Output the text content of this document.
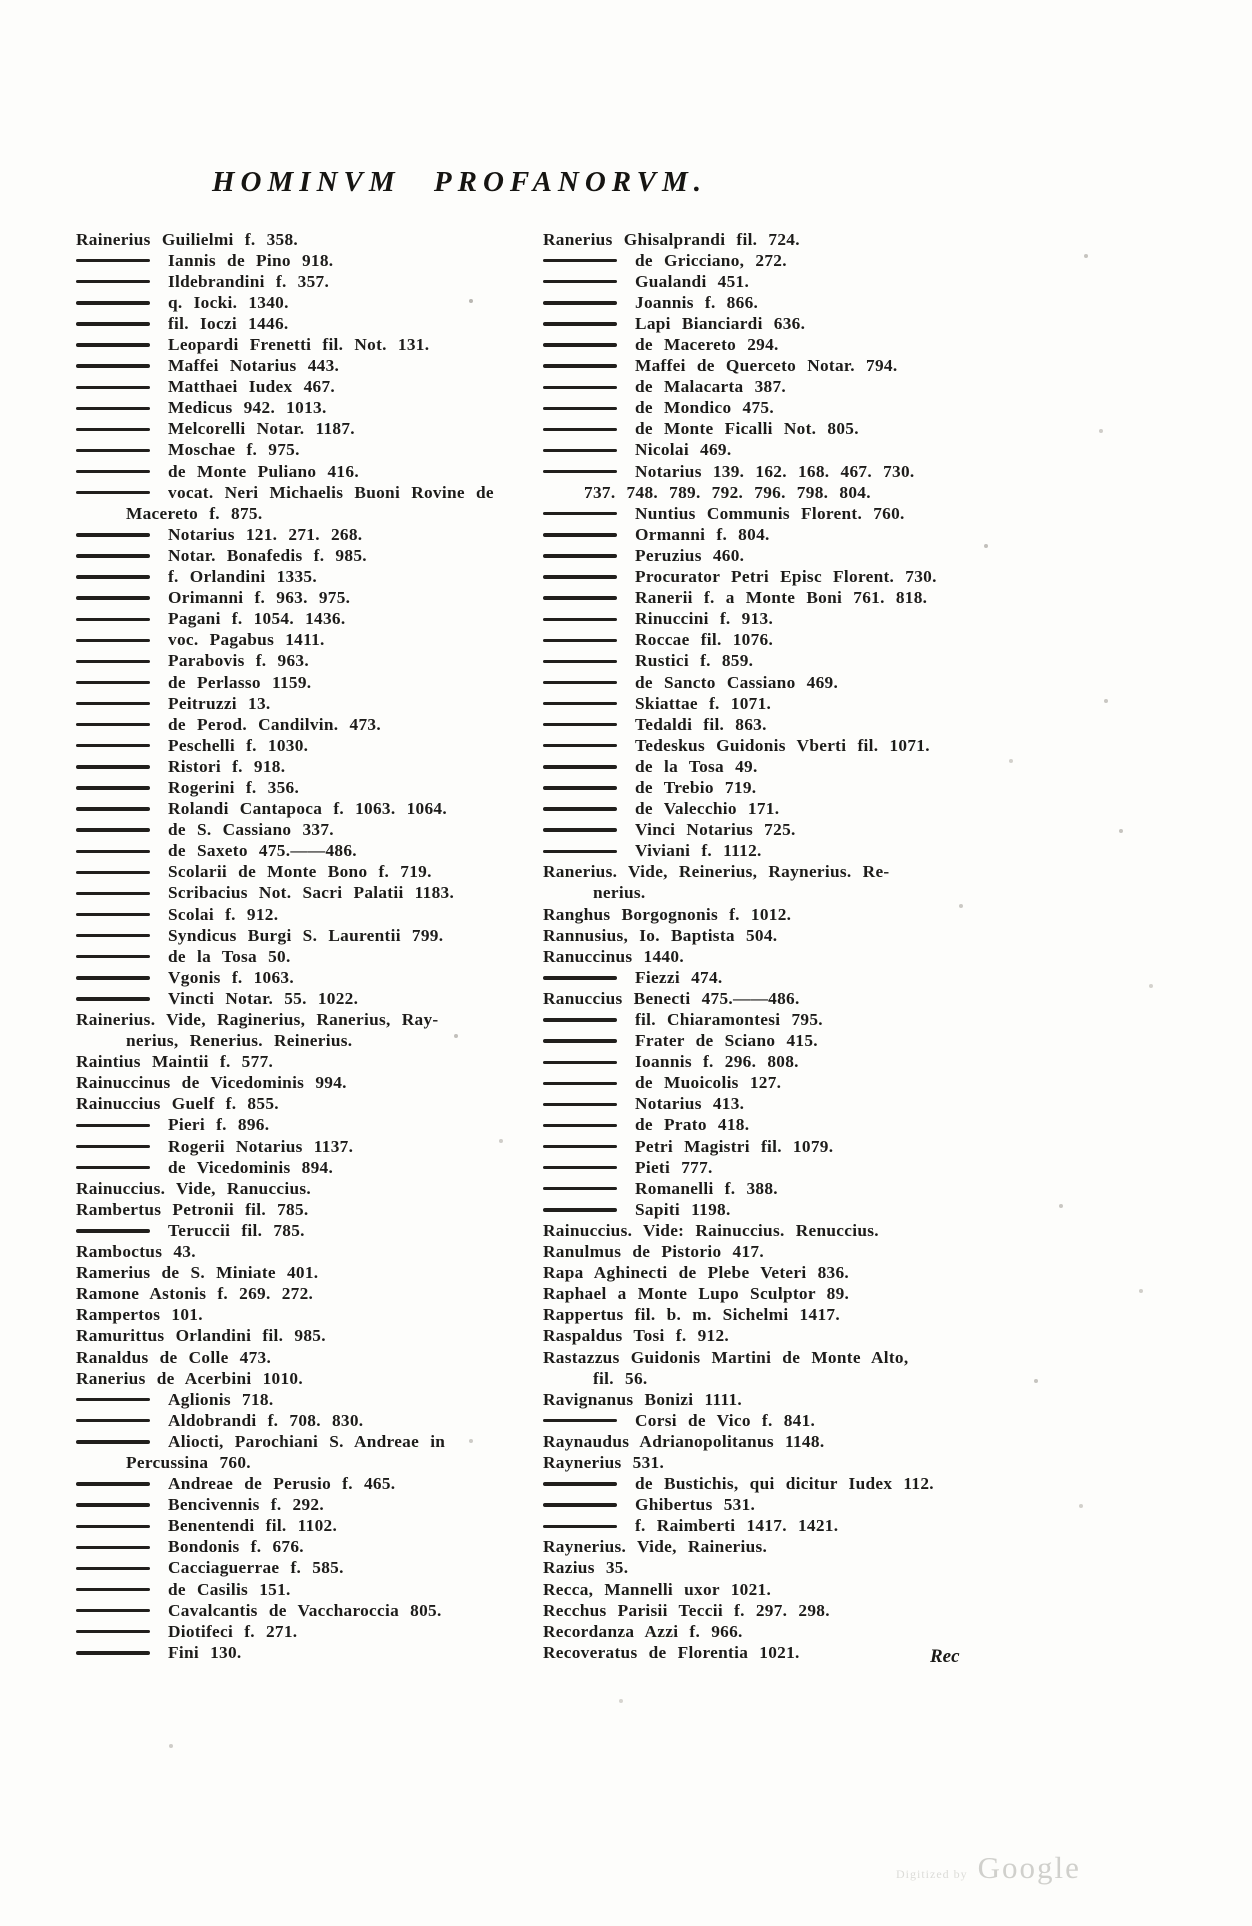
HOMINVM PROFANORVM.
Rainerius Guilielmi f. 358.
Iannis de Pino 918.
Ildebrandini f. 357.
q. Iocki. 1340.
fil. Ioczi 1446.
Leopardi Frenetti fil. Not. 131.
Maffei Notarius 443.
Matthaei Iudex 467.
Medicus 942. 1013.
Melcorelli Notar. 1187.
Moschae f. 975.
de Monte Puliano 416.
vocat. Neri Michaelis Buoni Rovine de
Macereto f. 875.
Notarius 121. 271. 268.
Notar. Bonafedis f. 985.
f. Orlandini 1335.
Orimanni f. 963. 975.
Pagani f. 1054. 1436.
voc. Pagabus 1411.
Parabovis f. 963.
de Perlasso 1159.
Peitruzzi 13.
de Perod. Candilvin. 473.
Peschelli f. 1030.
Ristori f. 918.
Rogerini f. 356.
Rolandi Cantapoca f. 1063. 1064.
de S. Cassiano 337.
de Saxeto 475.——486.
Scolarii de Monte Bono f. 719.
Scribacius Not. Sacri Palatii 1183.
Scolai f. 912.
Syndicus Burgi S. Laurentii 799.
de la Tosa 50.
Vgonis f. 1063.
Vincti Notar. 55. 1022.
Rainerius. Vide, Raginerius, Ranerius, Ray-
nerius, Renerius. Reinerius.
Raintius Maintii f. 577.
Rainuccinus de Vicedominis 994.
Rainuccius Guelf f. 855.
Pieri f. 896.
Rogerii Notarius 1137.
de Vicedominis 894.
Rainuccius. Vide, Ranuccius.
Rambertus Petronii fil. 785.
Teruccii fil. 785.
Ramboctus 43.
Ramerius de S. Miniate 401.
Ramone Astonis f. 269. 272.
Rampertos 101.
Ramurittus Orlandini fil. 985.
Ranaldus de Colle 473.
Ranerius de Acerbini 1010.
Aglionis 718.
Aldobrandi f. 708. 830.
Aliocti, Parochiani S. Andreae in
Percussina 760.
Andreae de Perusio f. 465.
Bencivennis f. 292.
Benentendi fil. 1102.
Bondonis f. 676.
Cacciaguerrae f. 585.
de Casilis 151.
Cavalcantis de Vaccharoccia 805.
Diotifeci f. 271.
Fini 130.
Ranerius Ghisalprandi fil. 724.
de Gricciano, 272.
Gualandi 451.
Joannis f. 866.
Lapi Bianciardi 636.
de Macereto 294.
Maffei de Querceto Notar. 794.
de Malacarta 387.
de Mondico 475.
de Monte Ficalli Not. 805.
Nicolai 469.
Notarius 139. 162. 168. 467. 730.
737. 748. 789. 792. 796. 798. 804.
Nuntius Communis Florent. 760.
Ormanni f. 804.
Peruzius 460.
Procurator Petri Episc Florent. 730.
Ranerii f. a Monte Boni 761. 818.
Rinuccini f. 913.
Roccae fil. 1076.
Rustici f. 859.
de Sancto Cassiano 469.
Skiattae f. 1071.
Tedaldi fil. 863.
Tedeskus Guidonis Vberti fil. 1071.
de la Tosa 49.
de Trebio 719.
de Valecchio 171.
Vinci Notarius 725.
Viviani f. 1112.
Ranerius. Vide, Reinerius, Raynerius. Re-
nerius.
Ranghus Borgognonis f. 1012.
Rannusius, Io. Baptista 504.
Ranuccinus 1440.
Fiezzi 474.
Ranuccius Benecti 475.——486.
fil. Chiaramontesi 795.
Frater de Sciano 415.
Ioannis f. 296. 808.
de Muoicolis 127.
Notarius 413.
de Prato 418.
Petri Magistri fil. 1079.
Pieti 777.
Romanelli f. 388.
Sapiti 1198.
Rainuccius. Vide: Rainuccius. Renuccius.
Ranulmus de Pistorio 417.
Rapa Aghinecti de Plebe Veteri 836.
Raphael a Monte Lupo Sculptor 89.
Rappertus fil. b. m. Sichelmi 1417.
Raspaldus Tosi f. 912.
Rastazzus Guidonis Martini de Monte Alto,
fil. 56.
Ravignanus Bonizi 1111.
Corsi de Vico f. 841.
Raynaudus Adrianopolitanus 1148.
Raynerius 531.
de Bustichis, qui dicitur Iudex 112.
Ghibertus 531.
f. Raimberti 1417. 1421.
Raynerius. Vide, Rainerius.
Razius 35.
Recca, Mannelli uxor 1021.
Recchus Parisii Teccii f. 297. 298.
Recordanza Azzi f. 966.
Recoveratus de Florentia 1021.	Rec
Digitized by Google
